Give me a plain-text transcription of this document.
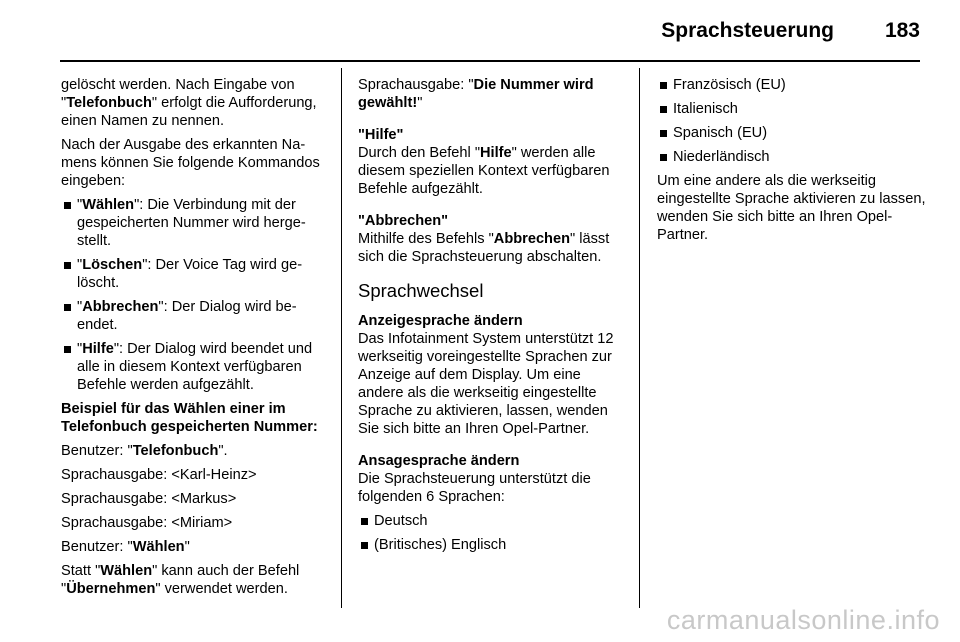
Sprachsteuerung 183

gelöscht werden. Nach Eingabe von "Telefonbuch" erfolgt die Aufforderung, einen Namen zu nennen.

Nach der Ausgabe des erkannten Namens können Sie folgende Kommandos eingeben:

"Wählen": Die Verbindung mit der gespeicherten Nummer wird hergestellt.
"Löschen": Der Voice Tag wird gelöscht.
"Abbrechen": Der Dialog wird beendet.
"Hilfe": Der Dialog wird beendet und alle in diesem Kontext verfügbaren Befehle werden aufgezählt.

Beispiel für das Wählen einer im Telefonbuch gespeicherten Nummer:

Benutzer: "Telefonbuch".

Sprachausgabe: <Karl-Heinz>

Sprachausgabe: <Markus>

Sprachausgabe: <Miriam>

Benutzer: "Wählen"

Statt "Wählen" kann auch der Befehl "Übernehmen" verwendet werden.

Sprachausgabe: "Die Nummer wird gewählt!"

"Hilfe"
Durch den Befehl "Hilfe" werden alle diesem speziellen Kontext verfügbaren Befehle aufgezählt.

"Abbrechen"
Mithilfe des Befehls "Abbrechen" lässt sich die Sprachsteuerung abschalten.

Sprachwechsel

Anzeigesprache ändern
Das Infotainment System unterstützt 12 werkseitig voreingestellte Sprachen zur Anzeige auf dem Display. Um eine andere als die werkseitig eingestellte Sprache zu aktivieren, lassen, wenden Sie sich bitte an Ihren Opel-Partner.

Ansagesprache ändern
Die Sprachsteuerung unterstützt die folgenden 6 Sprachen:

Deutsch
(Britisches) Englisch
Französisch (EU)
Italienisch
Spanisch (EU)
Niederländisch

Um eine andere als die werkseitig eingestellte Sprache aktivieren zu lassen, wenden Sie sich bitte an Ihren Opel-Partner.

carmanualsonline.info
